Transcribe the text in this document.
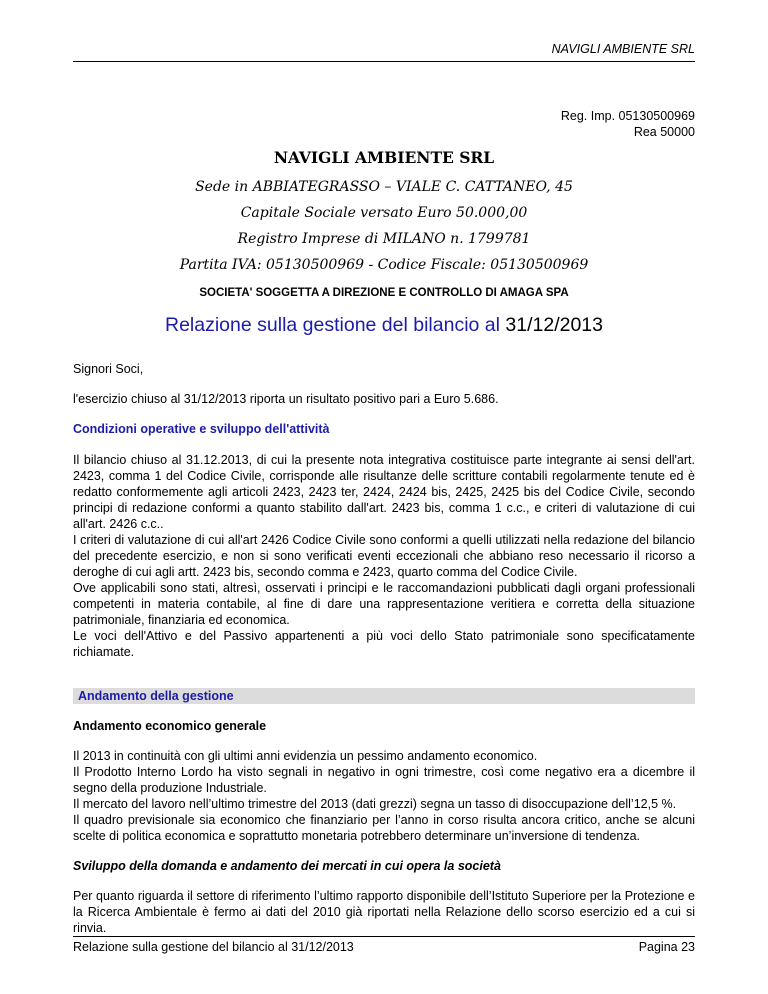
NAVIGLI AMBIENTE SRL
Reg. Imp. 05130500969
Rea 50000
NAVIGLI AMBIENTE SRL
Sede in ABBIATEGRASSO – VIALE C. CATTANEO, 45
Capitale Sociale versato Euro 50.000,00
Registro Imprese di MILANO n. 1799781
Partita IVA: 05130500969 - Codice Fiscale: 05130500969
SOCIETA' SOGGETTA A DIREZIONE E CONTROLLO DI AMAGA SPA
Relazione sulla gestione del bilancio al 31/12/2013

Signori Soci,

l'esercizio chiuso al 31/12/2013 riporta un risultato positivo pari a Euro 5.686.

Condizioni operative e sviluppo dell'attività

Il bilancio chiuso al 31.12.2013, di cui la presente nota integrativa costituisce parte integrante ai sensi dell'art. 2423, comma 1 del Codice Civile, corrisponde alle risultanze delle scritture contabili regolarmente tenute ed è redatto conformemente agli articoli 2423, 2423 ter, 2424, 2424 bis, 2425, 2425 bis del Codice Civile, secondo principi di redazione conformi a quanto stabilito dall'art. 2423 bis, comma 1 c.c., e criteri di valutazione di cui all'art. 2426 c.c..

I criteri di valutazione di cui all'art 2426 Codice Civile sono conformi a quelli utilizzati nella redazione del bilancio del precedente esercizio, e non si sono verificati eventi eccezionali che abbiano reso necessario il ricorso a deroghe di cui agli artt. 2423 bis, secondo comma e 2423, quarto comma del Codice Civile.

Ove applicabili sono stati, altresì, osservati i principi e le raccomandazioni pubblicati dagli organi professionali competenti in materia contabile, al fine di dare una rappresentazione veritiera e corretta della situazione patrimoniale, finanziaria ed economica.

Le voci dell'Attivo e del Passivo appartenenti a più voci dello Stato patrimoniale sono specificatamente richiamate.

Andamento della gestione
Andamento economico generale

Il 2013 in continuità con gli ultimi anni evidenzia un pessimo andamento economico.

Il Prodotto Interno Lordo ha visto segnali in negativo in ogni trimestre, così come negativo era a dicembre il segno della produzione Industriale.

Il mercato del lavoro nell’ultimo trimestre del 2013 (dati grezzi) segna un tasso di disoccupazione dell’12,5 %.

Il quadro previsionale sia economico che finanziario per l’anno in corso risulta ancora critico, anche se alcuni scelte di politica economica e soprattutto monetaria potrebbero determinare un’inversione di tendenza.

Sviluppo della domanda e andamento dei mercati in cui opera la società

Per quanto riguarda il settore di riferimento l’ultimo rapporto disponibile dell’Istituto Superiore per la Protezione e la Ricerca Ambientale è fermo ai dati del 2010 già riportati nella Relazione dello scorso esercizio ed a cui si rinvia.

Relazione sulla gestione del bilancio al 31/12/2013	Pagina 23
